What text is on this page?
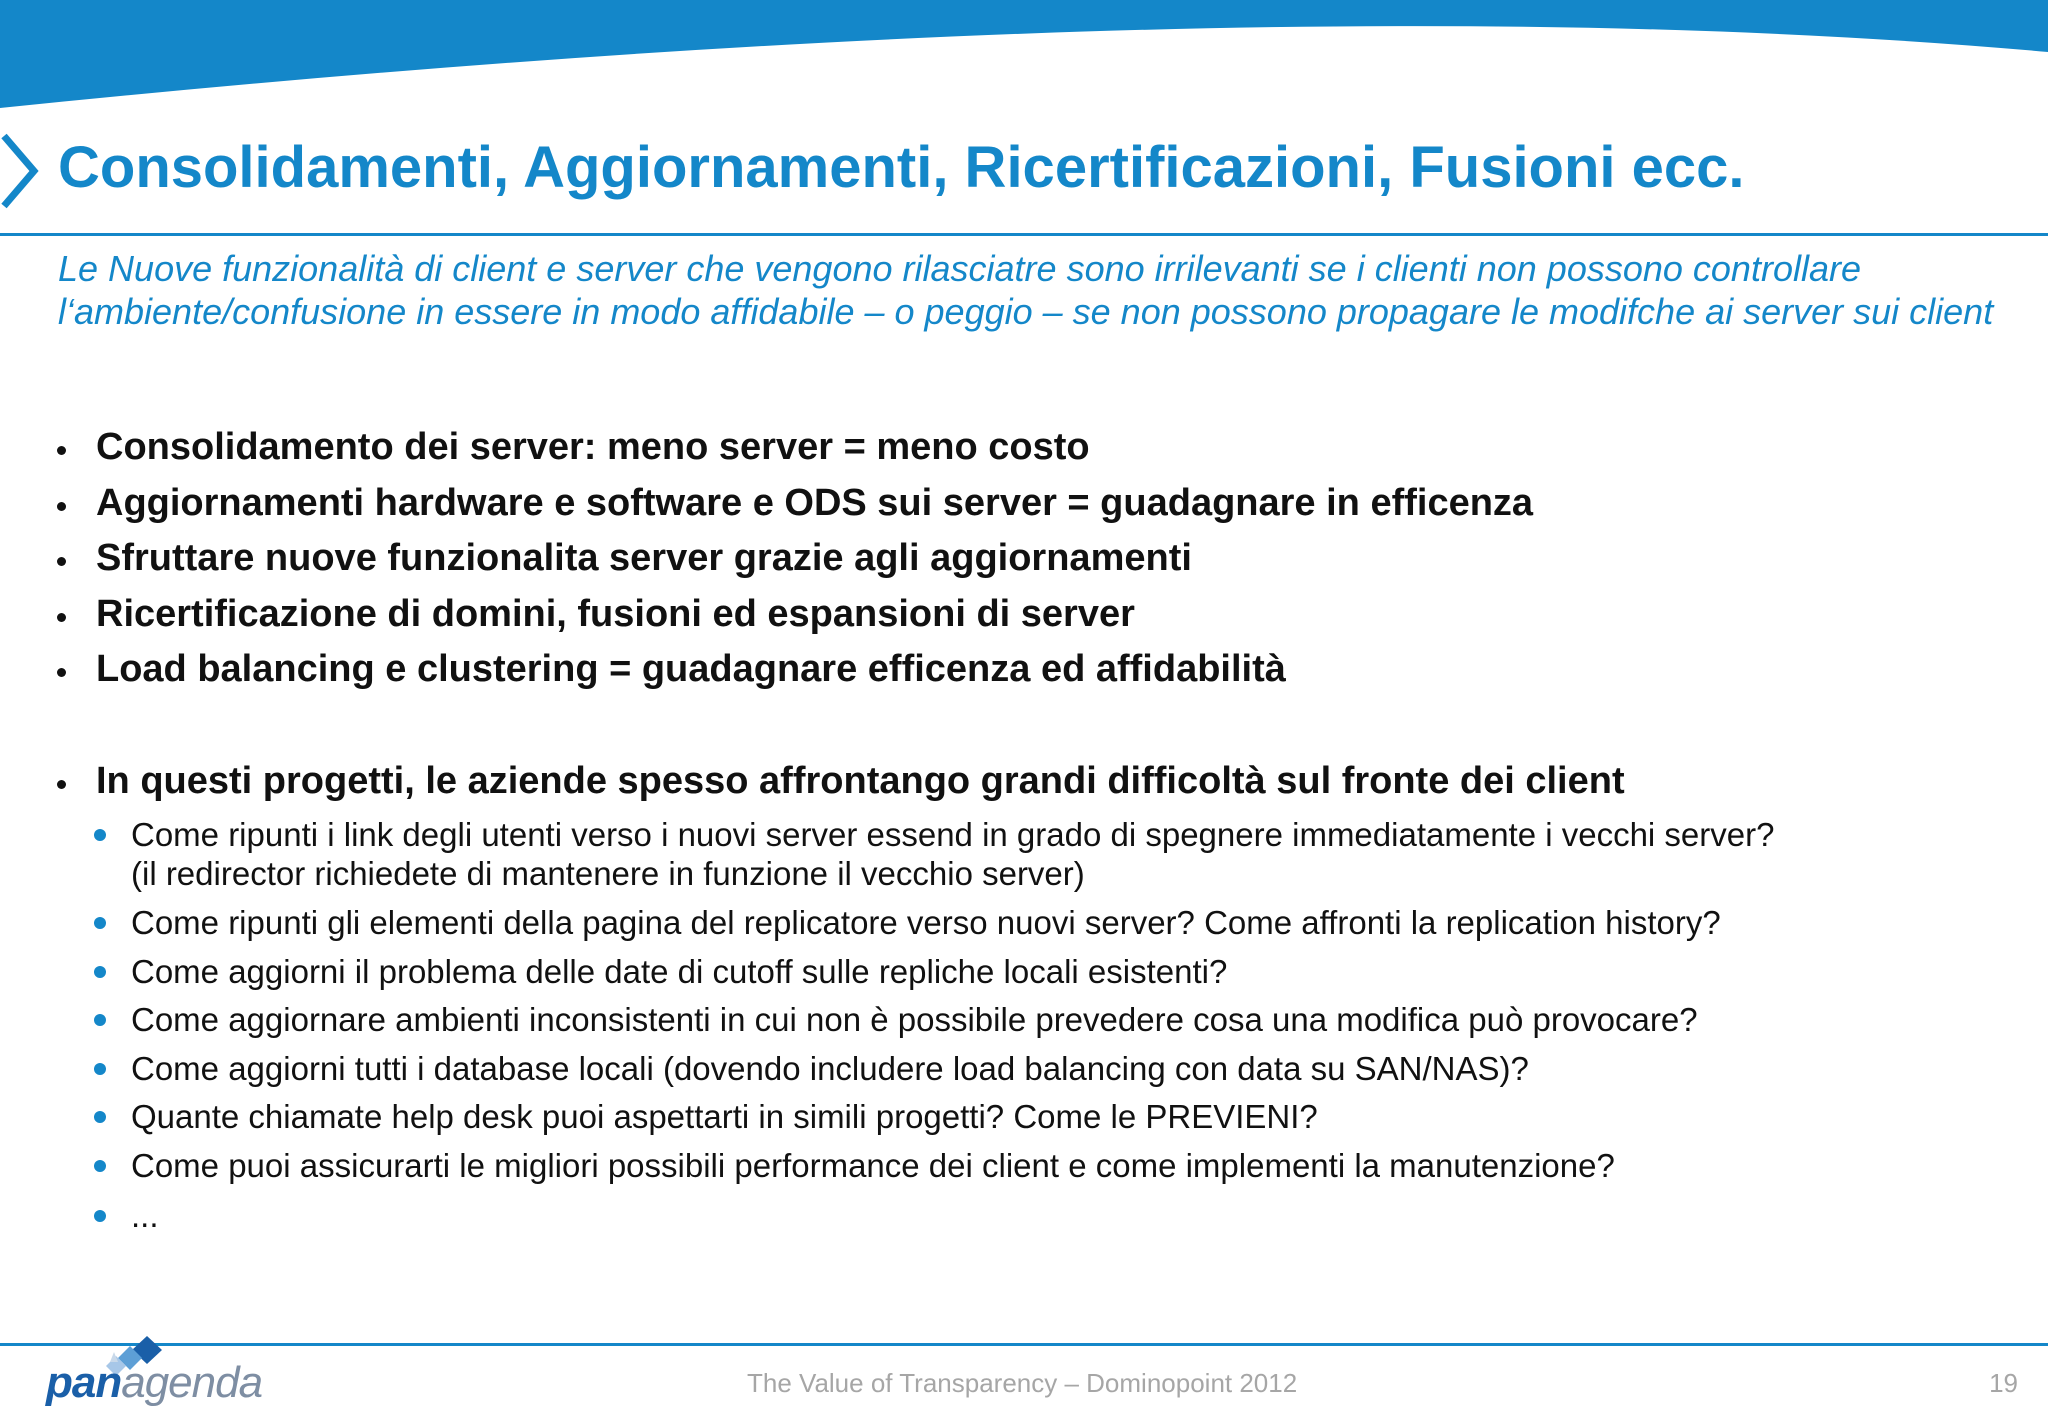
Consolidamenti, Aggiornamenti, Ricertificazioni, Fusioni ecc.

Le Nuove funzionalità di client e server che vengono rilasciatre sono irrilevanti se i clienti non possono controllare l‘ambiente/confusione in essere in modo affidabile – o peggio – se non possono propagare le modifche ai server sui client

Consolidamento dei server: meno server = meno costo
Aggiornamenti hardware e software e ODS sui server = guadagnare in efficenza
Sfruttare nuove funzionalita server grazie agli aggiornamenti
Ricertificazione di domini, fusioni ed espansioni di server
Load balancing e clustering = guadagnare efficenza ed affidabilità
In questi progetti, le aziende spesso affrontango grandi difficoltà sul fronte dei client
Come ripunti i link degli utenti verso i nuovi server essend in grado di spegnere immediatamente i vecchi server?
(il redirector richiedete di mantenere in funzione il vecchio server)
Come ripunti gli elementi della pagina del replicatore verso nuovi server? Come affronti la replication history?
Come aggiorni il problema delle date di cutoff sulle repliche locali esistenti?
Come aggiornare ambienti inconsistenti in cui non è possibile prevedere cosa una modifica può provocare?
Come aggiorni tutti i database locali (dovendo includere load balancing con data su SAN/NAS)?
Quante chiamate help desk puoi aspettarti in simili progetti? Come le PREVIENI?
Come puoi assicurarti le migliori possibili performance dei client e come implementi la manutenzione?
...
panagenda	The Value of Transparency – Dominopoint 2012	19
